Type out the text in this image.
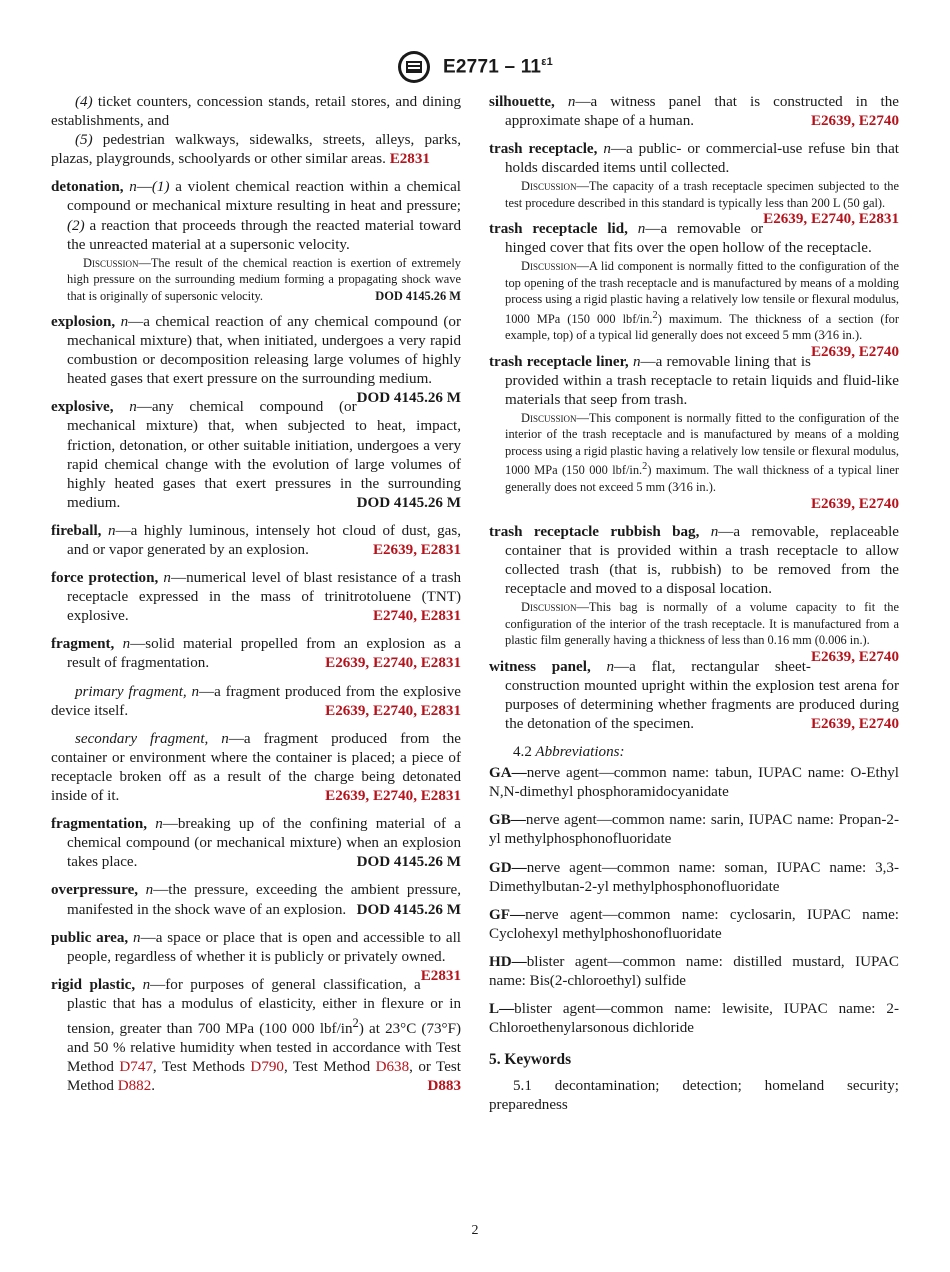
$E2771 - 11^{\varepsilon 1}$

(4) ticket counters, concession stands, retail stores, and dining establishments, and

(5) pedestrian walkways, sidewalks, streets, alleys, parks, plazas, playgrounds, schoolyards or other similar areas. E2831

detonation, n—(1) a violent chemical reaction within a chemical compound or mechanical mixture resulting in heat and pressure; (2) a reaction that proceeds through the reacted material toward the unreacted material at a supersonic velocity.

Discussion—The result of the chemical reaction is exertion of extremely high pressure on the surrounding medium forming a propagating shock wave that is originally of supersonic velocity.	DOD 4145.26 M

explosion, n—a chemical reaction of any chemical compound (or mechanical mixture) that, when initiated, undergoes a very rapid combustion or decomposition releasing large volumes of highly heated gases that exert pressure on the surrounding medium.
DOD 4145.26 M
explosive, n—any chemical compound (or mechanical mixture) that, when subjected to heat, impact, friction, detonation, or other suitable initiation, undergoes a very rapid chemical change with the evolution of large volumes of highly heated gases that exert pressures in the surrounding medium.	DOD 4145.26 M
fireball, n—a highly luminous, intensely hot cloud of dust, gas, and or vapor generated by an explosion.	E2639, E2831
force protection, n—numerical level of blast resistance of a trash receptacle expressed in the mass of trinitrotoluene (TNT) explosive.	E2740, E2831
fragment, n—solid material propelled from an explosion as a result of fragmentation.	E2639, E2740, E2831

primary fragment, n—a fragment produced from the explosive device itself.	E2639, E2740, E2831

secondary fragment, n—a fragment produced from the container or environment where the container is placed; a piece of receptacle broken off as a result of the charge being detonated inside of it.	E2639, E2740, E2831

fragmentation, n—breaking up of the confining material of a chemical compound (or mechanical mixture) when an explosion takes place.	DOD 4145.26 M
overpressure, n—the pressure, exceeding the ambient pressure, manifested in the shock wave of an explosion. DOD 4145.26 M
public area, n—a space or place that is open and accessible to all people, regardless of whether it is publicly or privately owned.
E2831
rigid plastic, n—for purposes of general classification, a plastic that has a modulus of elasticity, either in flexure or in tension, greater than 700 MPa (100 000 lbf/$in^2$) at 23°C (73°F) and 50 % relative humidity when tested in accordance with Test Method D747, Test Methods D790, Test Method D638, or Test Method D882.	D883
silhouette, n—a witness panel that is constructed in the approximate shape of a human.	E2639, E2740
trash receptacle, n—a public- or commercial-use refuse bin that holds discarded items until collected.

Discussion—The capacity of a trash receptacle specimen subjected to the test procedure described in this standard is typically less than 200 L (50 gal).
E2639, E2740, E2831

trash receptacle lid, n—a removable or hinged cover that fits over the open hollow of the receptacle.

Discussion—A lid component is normally fitted to the configuration of the top opening of the trash receptacle and is manufactured by means of a molding process using a rigid plastic having a relatively low tensile or flexural modulus, 1000 MPa (150 000 lbf/in.$^2$) maximum. The thickness of a section (for example, top) of a typical lid generally does not exceed 5 mm (3⁄16 in.).
E2639, E2740

trash receptacle liner, n—a removable lining that is provided within a trash receptacle to retain liquids and fluid-like materials that seep from trash.

Discussion—This component is normally fitted to the configuration of the interior of the trash receptacle and is manufactured by means of a molding process using a rigid plastic having a relatively low tensile or flexural modulus, 1000 MPa (150 000 lbf/in.$^2$) maximum. The wall thickness of a typical liner generally does not exceed 5 mm (3⁄16 in.).

E2639, E2740
trash receptacle rubbish bag, n—a removable, replaceable container that is provided within a trash receptacle to allow collected trash (that is, rubbish) to be removed from the receptacle and moved to a disposal location.

Discussion—This bag is normally of a volume capacity to fit the configuration of the interior of the trash receptacle. It is manufactured from a plastic film generally having a thickness of less than 0.16 mm (0.006 in.).
E2639, E2740

witness panel, n—a flat, rectangular sheet-construction mounted upright within the explosion test arena for purposes of determining whether fragments are produced during the detonation of the specimen.	E2639, E2740

4.2 Abbreviations:

GA—nerve agent—common name: tabun, IUPAC name: O-Ethyl N,N-dimethyl phosphoramidocyanidate

GB—nerve agent—common name: sarin, IUPAC name: Propan-2-yl methylphosphonofluoridate

GD—nerve agent—common name: soman, IUPAC name: 3,3-Dimethylbutan-2-yl methylphosphonofluoridate

GF—nerve agent—common name: cyclosarin, IUPAC name: Cyclohexyl methylphoshonofluoridate

HD—blister agent—common name: distilled mustard, IUPAC name: Bis(2-chloroethyl) sulfide

L—blister agent—common name: lewisite, IUPAC name: 2-Chloroethenylarsonous dichloride

5. Keywords

5.1 decontamination; detection; homeland security; preparedness

2
